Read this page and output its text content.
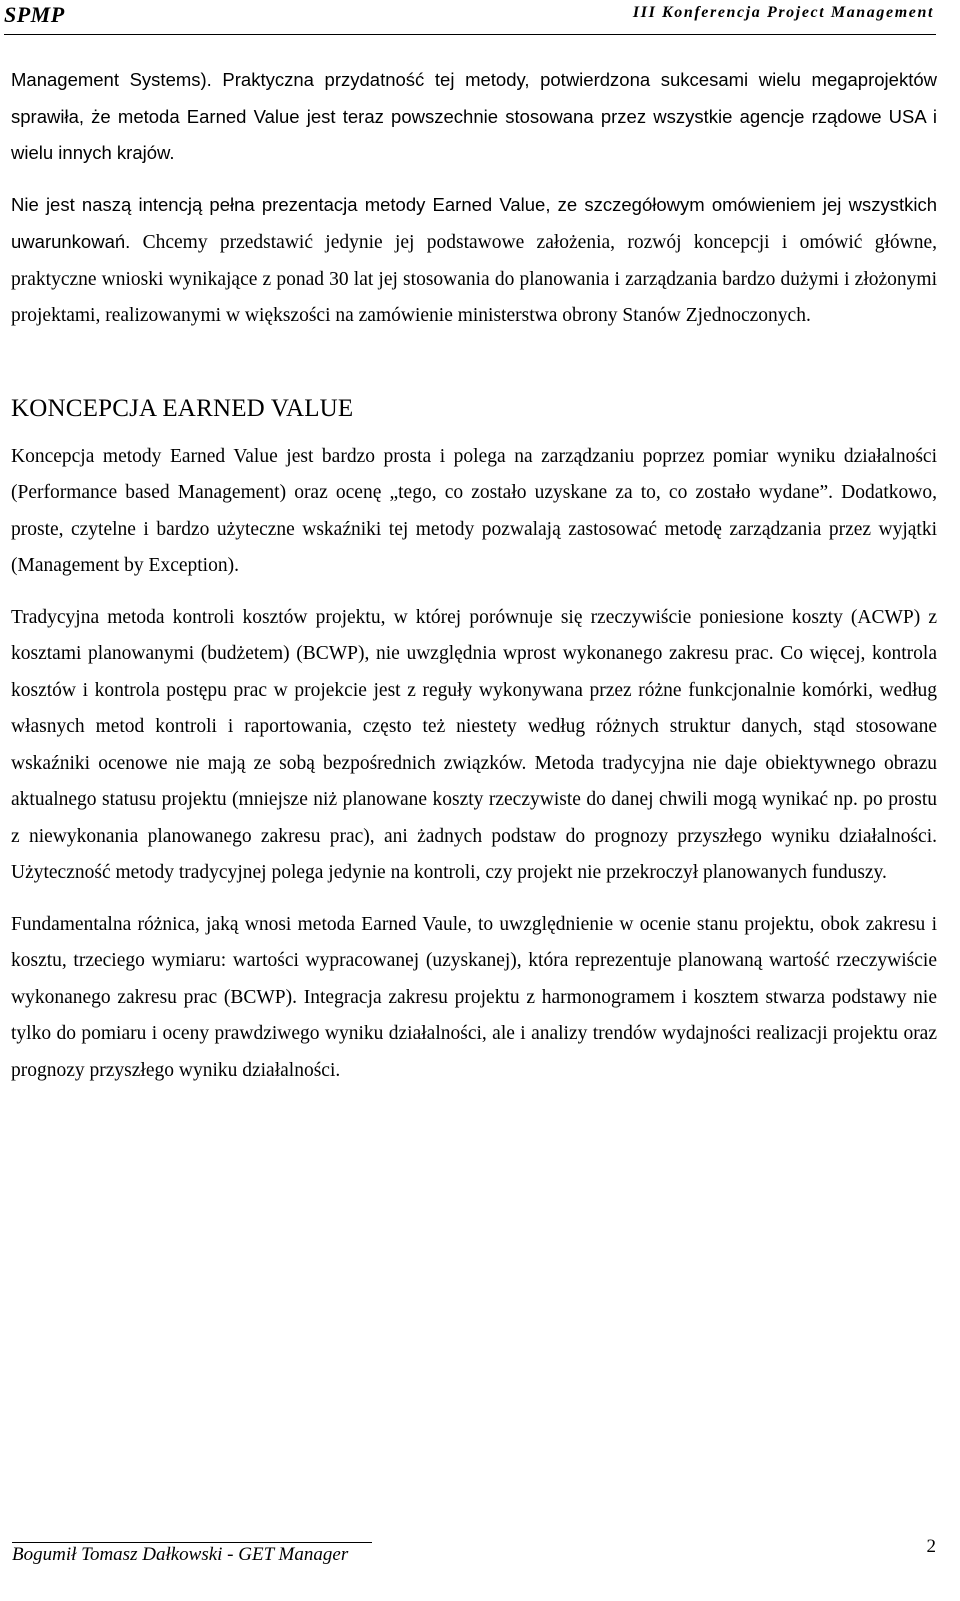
SPMP	III Konferencja Project Management

Management Systems). Praktyczna przydatność tej metody, potwierdzona sukcesami wielu megaprojektów sprawiła, że metoda Earned Value jest teraz powszechnie stosowana przez wszystkie agencje rządowe USA i wielu innych krajów.

Nie jest naszą intencją pełna prezentacja metody Earned Value, ze szczegółowym omówieniem jej wszystkich uwarunkowań. Chcemy przedstawić jedynie jej podstawowe założenia, rozwój koncepcji i omówić główne, praktyczne wnioski wynikające z ponad 30 lat jej stosowania do planowania i zarządzania bardzo dużymi i złożonymi projektami, realizowanymi w większości na zamówienie ministerstwa obrony Stanów Zjednoczonych.

KONCEPCJA EARNED VALUE

Koncepcja metody Earned Value jest bardzo prosta i polega na zarządzaniu poprzez pomiar wyniku działalności (Performance based Management) oraz ocenę „tego, co zostało uzyskane za to, co zostało wydane”. Dodatkowo, proste, czytelne i bardzo użyteczne wskaźniki tej metody pozwalają zastosować metodę zarządzania przez wyjątki (Management by Exception).

Tradycyjna metoda kontroli kosztów projektu, w której porównuje się rzeczywiście poniesione koszty (ACWP) z kosztami planowanymi (budżetem) (BCWP), nie uwzględnia wprost wykonanego zakresu prac. Co więcej, kontrola kosztów i kontrola postępu prac w projekcie jest z reguły wykonywana przez różne funkcjonalnie komórki, według własnych metod kontroli i raportowania, często też niestety według różnych struktur danych, stąd stosowane wskaźniki ocenowe nie mają ze sobą bezpośrednich związków. Metoda tradycyjna nie daje obiektywnego obrazu aktualnego statusu projektu (mniejsze niż planowane koszty rzeczywiste do danej chwili mogą wynikać np. po prostu z niewykonania planowanego zakresu prac), ani żadnych podstaw do prognozy przyszłego wyniku działalności. Użyteczność metody tradycyjnej polega jedynie na kontroli, czy projekt nie przekroczył planowanych funduszy.

Fundamentalna różnica, jaką wnosi metoda Earned Vaule, to uwzględnienie w ocenie stanu projektu, obok zakresu i kosztu, trzeciego wymiaru: wartości wypracowanej (uzyskanej), która reprezentuje planowaną wartość rzeczywiście wykonanego zakresu prac (BCWP). Integracja zakresu projektu z harmonogramem i kosztem stwarza podstawy nie tylko do pomiaru i oceny prawdziwego wyniku działalności, ale i analizy trendów wydajności realizacji projektu oraz prognozy przyszłego wyniku działalności.

Bogumił Tomasz Dałkowski - GET Manager	2
